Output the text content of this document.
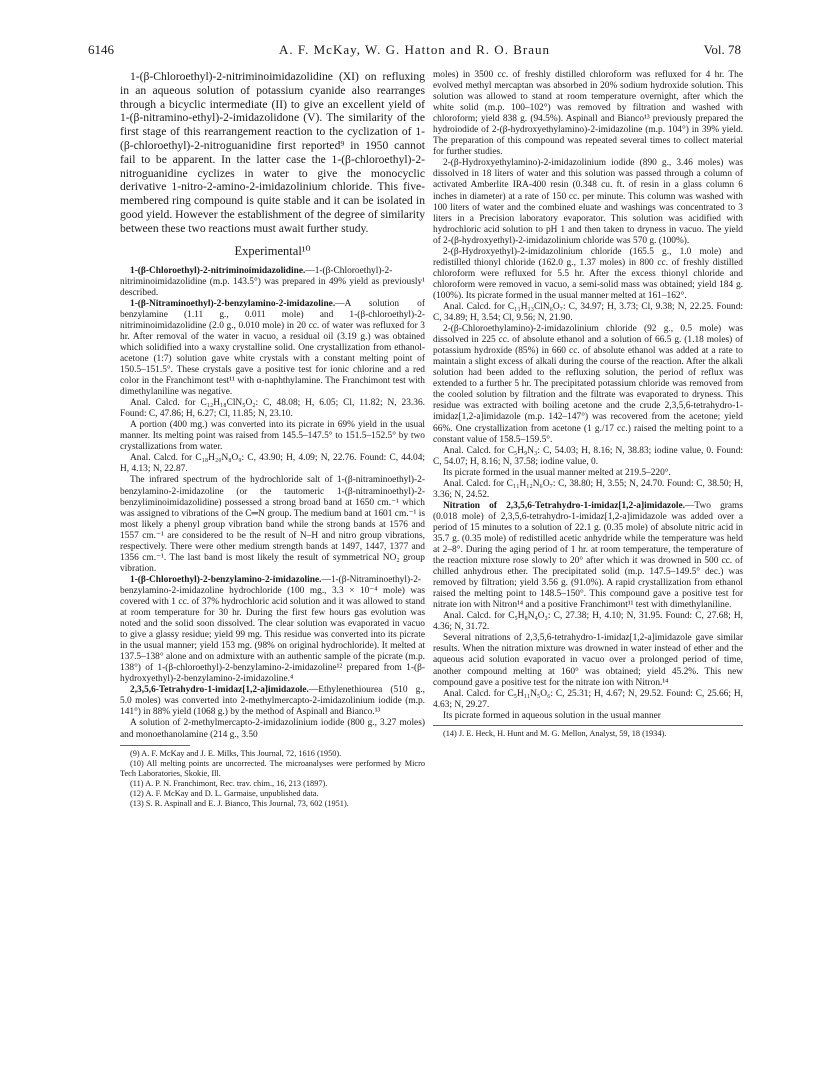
6146	A. F. McKay, W. G. Hatton and R. O. Braun	Vol. 78

1-(β-Chloroethyl)-2-nitriminoimidazolidine (XI) on refluxing in an aqueous solution of potassium cyanide also rearranges through a bicyclic intermediate (II) to give an excellent yield of 1-(β-nitramino-ethyl)-2-imidazolidone (V). The similarity of the first stage of this rearrangement reaction to the cyclization of 1-(β-chloroethyl)-2-nitroguanidine first reported⁹ in 1950 cannot fail to be apparent. In the latter case the 1-(β-chloroethyl)-2-nitroguanidine cyclizes in water to give the monocyclic derivative 1-nitro-2-amino-2-imidazolinium chloride. This five-membered ring compound is quite stable and it can be isolated in good yield. However the establishment of the degree of similarity between these two reactions must await further study.

Experimental¹⁰

1-(β-Chloroethyl)-2-nitriminoimidazolidine.—1-(β-Chloroethyl)-2-nitriminoimidazolidine (m.p. 143.5°) was prepared in 49% yield as previously¹ described.

1-(β-Nitraminoethyl)-2-benzylamino-2-imidazoline.—A solution of benzylamine (1.11 g., 0.011 mole) and 1-(β-chloroethyl)-2-nitriminoimidazolidine (2.0 g., 0.010 mole) in 20 cc. of water was refluxed for 3 hr. After removal of the water in vacuo, a residual oil (3.19 g.) was obtained which solidified into a waxy crystalline solid. One crystallization from ethanol-acetone (1:7) solution gave white crystals with a constant melting point of 150.5–151.5°. These crystals gave a positive test for ionic chlorine and a red color in the Franchimont test¹¹ with α-naphthylamine. The Franchimont test with dimethylaniline was negative.

Anal. Calcd. for C₁₂H₁₈ClN₅O₂: C, 48.08; H, 6.05; Cl, 11.82; N, 23.36. Found: C, 47.86; H, 6.27; Cl, 11.85; N, 23.10.

A portion (400 mg.) was converted into its picrate in 69% yield in the usual manner. Its melting point was raised from 145.5–147.5° to 151.5–152.5° by two crystallizations from water.

Anal. Calcd. for C₁₈H₂₀N₈O₉: C, 43.90; H, 4.09; N, 22.76. Found: C, 44.04; H, 4.13; N, 22.87.

The infrared spectrum of the hydrochloride salt of 1-(β-nitraminoethyl)-2-benzylamino-2-imidazoline (or the tautomeric 1-(β-nitraminoethyl)-2-benzyliminoimidazolidine) possessed a strong broad band at 1650 cm.⁻¹ which was assigned to vibrations of the C═N group. The medium band at 1601 cm.⁻¹ is most likely a phenyl group vibration band while the strong bands at 1576 and 1557 cm.⁻¹ are considered to be the result of N–H and nitro group vibrations, respectively. There were other medium strength bands at 1497, 1447, 1377 and 1356 cm.⁻¹. The last band is most likely the result of symmetrical NO₂ group vibration.

1-(β-Chloroethyl)-2-benzylamino-2-imidazoline.—1-(β-Nitraminoethyl)-2-benzylamino-2-imidazoline hydrochloride (100 mg., 3.3 × 10⁻⁴ mole) was covered with 1 cc. of 37% hydrochloric acid solution and it was allowed to stand at room temperature for 30 hr. During the first few hours gas evolution was noted and the solid soon dissolved. The clear solution was evaporated in vacuo to give a glassy residue; yield 99 mg. This residue was converted into its picrate in the usual manner; yield 153 mg. (98% on original hydrochloride). It melted at 137.5–138° alone and on admixture with an authentic sample of the picrate (m.p. 138°) of 1-(β-chloroethyl)-2-benzylamino-2-imidazoline¹² prepared from 1-(β-hydroxyethyl)-2-benzylamino-2-imidazoline.⁴

2,3,5,6-Tetrahydro-1-imidaz[1,2-a]imidazole.—Ethylenethiourea (510 g., 5.0 moles) was converted into 2-methylmercapto-2-imidazolinium iodide (m.p. 141°) in 88% yield (1068 g.) by the method of Aspinall and Bianco.¹³

A solution of 2-methylmercapto-2-imidazolinium iodide (800 g., 3.27 moles) and monoethanolamine (214 g., 3.50

(9) A. F. McKay and J. E. Milks, This Journal, 72, 1616 (1950).

(10) All melting points are uncorrected. The microanalyses were performed by Micro Tech Laboratories, Skokie, Ill.

(11) A. P. N. Franchimont, Rec. trav. chim., 16, 213 (1897).

(12) A. F. McKay and D. L. Garmaise, unpublished data.

(13) S. R. Aspinall and E. J. Bianco, This Journal, 73, 602 (1951).

moles) in 3500 cc. of freshly distilled chloroform was refluxed for 4 hr. The evolved methyl mercaptan was absorbed in 20% sodium hydroxide solution. This solution was allowed to stand at room temperature overnight, after which the white solid (m.p. 100–102°) was removed by filtration and washed with chloroform; yield 838 g. (94.5%). Aspinall and Bianco¹³ previously prepared the hydroiodide of 2-(β-hydroxyethylamino)-2-imidazoline (m.p. 104°) in 39% yield. The preparation of this compound was repeated several times to collect material for further studies.

2-(β-Hydroxyethylamino)-2-imidazolinium iodide (890 g., 3.46 moles) was dissolved in 18 liters of water and this solution was passed through a column of activated Amberlite IRA-400 resin (0.348 cu. ft. of resin in a glass column 6 inches in diameter) at a rate of 150 cc. per minute. This column was washed with 100 liters of water and the combined eluate and washings was concentrated to 3 liters in a Precision laboratory evaporator. This solution was acidified with hydrochloric acid solution to pH 1 and then taken to dryness in vacuo. The yield of 2-(β-hydroxyethyl)-2-imidazolinium chloride was 570 g. (100%).

2-(β-Hydroxyethyl)-2-imidazolinium chloride (165.5 g., 1.0 mole) and redistilled thionyl chloride (162.0 g., 1.37 moles) in 800 cc. of freshly distilled chloroform were refluxed for 5.5 hr. After the excess thionyl chloride and chloroform were removed in vacuo, a semi-solid mass was obtained; yield 184 g. (100%). Its picrate formed in the usual manner melted at 161–162°.

Anal. Calcd. for C₁₁H₁₃ClN₆O₇: C, 34.97; H, 3.73; Cl, 9.38; N, 22.25. Found: C, 34.89; H, 3.54; Cl, 9.56; N, 21.90.

2-(β-Chloroethylamino)-2-imidazolinium chloride (92 g., 0.5 mole) was dissolved in 225 cc. of absolute ethanol and a solution of 66.5 g. (1.18 moles) of potassium hydroxide (85%) in 660 cc. of absolute ethanol was added at a rate to maintain a slight excess of alkali during the course of the reaction. After the alkali solution had been added to the refluxing solution, the period of reflux was extended to a further 5 hr. The precipitated potassium chloride was removed from the cooled solution by filtration and the filtrate was evaporated to dryness. This residue was extracted with boiling acetone and the crude 2,3,5,6-tetrahydro-1-imidaz[1,2-a]imidazole (m.p. 142–147°) was recovered from the acetone; yield 66%. One crystallization from acetone (1 g./17 cc.) raised the melting point to a constant value of 158.5–159.5°.

Anal. Calcd. for C₅H₉N₃: C, 54.03; H, 8.16; N, 38.83; iodine value, 0. Found: C, 54.07; H, 8.16; N, 37.58; iodine value, 0.

Its picrate formed in the usual manner melted at 219.5–220°.

Anal. Calcd. for C₁₁H₁₂N₆O₇: C, 38.80; H, 3.55; N, 24.70. Found: C, 38.50; H, 3.36; N, 24.52.

Nitration of 2,3,5,6-Tetrahydro-1-imidaz[1,2-a]imidazole.—Two grams (0.018 mole) of 2,3,5,6-tetrahydro-1-imidaz[1,2-a]imidazole was added over a period of 15 minutes to a solution of 22.1 g. (0.35 mole) of absolute nitric acid in 35.7 g. (0.35 mole) of redistilled acetic anhydride while the temperature was held at 2–8°. During the aging period of 1 hr. at room temperature, the temperature of the reaction mixture rose slowly to 20° after which it was drowned in 500 cc. of chilled anhydrous ether. The precipitated solid (m.p. 147.5–149.5° dec.) was removed by filtration; yield 3.56 g. (91.0%). A rapid crystallization from ethanol raised the melting point to 148.5–150°. This compound gave a positive test for nitrate ion with Nitron¹⁴ and a positive Franchimont¹¹ test with dimethylaniline.

Anal. Calcd. for C₅H₈N₄O₃: C, 27.38; H, 4.10; N, 31.95. Found: C, 27.68; H, 4.36; N, 31.72.

Several nitrations of 2,3,5,6-tetrahydro-1-imidaz[1,2-a]imidazole gave similar results. When the nitration mixture was drowned in water instead of ether and the aqueous acid solution evaporated in vacuo over a prolonged period of time, another compound melting at 160° was obtained; yield 45.2%. This new compound gave a positive test for the nitrate ion with Nitron.¹⁴

Anal. Calcd. for C₅H₁₁N₅O₆: C, 25.31; H, 4.67; N, 29.52. Found: C, 25.66; H, 4.63; N, 29.27.

Its picrate formed in aqueous solution in the usual manner

(14) J. E. Heck, H. Hunt and M. G. Mellon, Analyst, 59, 18 (1934).
